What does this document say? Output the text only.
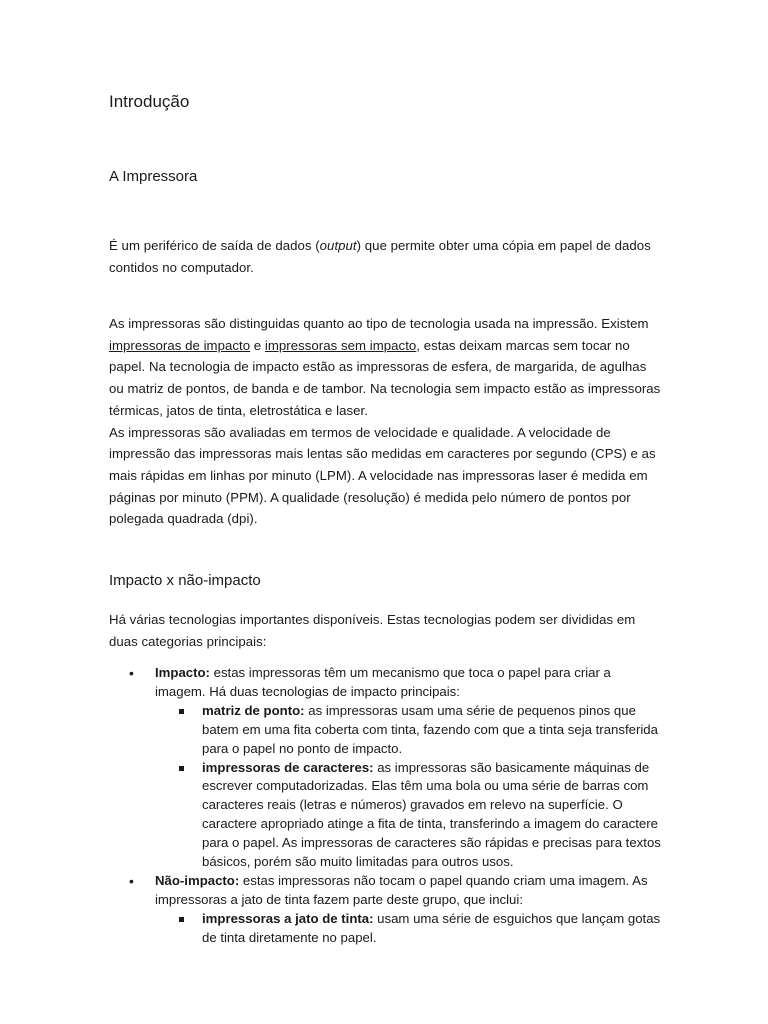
Introdução
A Impressora

É um periférico de saída de dados (output) que permite obter uma cópia em papel de dados contidos no computador.

As impressoras são distinguidas quanto ao tipo de tecnologia usada na impressão. Existem impressoras de impacto e impressoras sem impacto, estas deixam marcas sem tocar no papel. Na tecnologia de impacto estão as impressoras de esfera, de margarida, de agulhas ou matriz de pontos, de banda e de tambor. Na tecnologia sem impacto estão as impressoras térmicas, jatos de tinta, eletrostática e laser.
As impressoras são avaliadas em termos de velocidade e qualidade. A velocidade de impressão das impressoras mais lentas são medidas em caracteres por segundo (CPS) e as mais rápidas em linhas por minuto (LPM). A velocidade nas impressoras laser é medida em páginas por minuto (PPM). A qualidade (resolução) é medida pelo número de pontos por polegada quadrada (dpi).

Impacto x não-impacto

Há várias tecnologias importantes disponíveis. Estas tecnologias podem ser divididas em duas categorias principais:

• Impacto: estas impressoras têm um mecanismo que toca o papel para criar a imagem. Há duas tecnologias de impacto principais:
matriz de ponto: as impressoras usam uma série de pequenos pinos que batem em uma fita coberta com tinta, fazendo com que a tinta seja transferida para o papel no ponto de impacto.
impressoras de caracteres: as impressoras são basicamente máquinas de escrever computadorizadas. Elas têm uma bola ou uma série de barras com caracteres reais (letras e números) gravados em relevo na superfície. O caractere apropriado atinge a fita de tinta, transferindo a imagem do caractere para o papel. As impressoras de caracteres são rápidas e precisas para textos básicos, porém são muito limitadas para outros usos.
• Não-impacto: estas impressoras não tocam o papel quando criam uma imagem. As impressoras a jato de tinta fazem parte deste grupo, que inclui:
impressoras a jato de tinta: usam uma série de esguichos que lançam gotas de tinta diretamente no papel.
